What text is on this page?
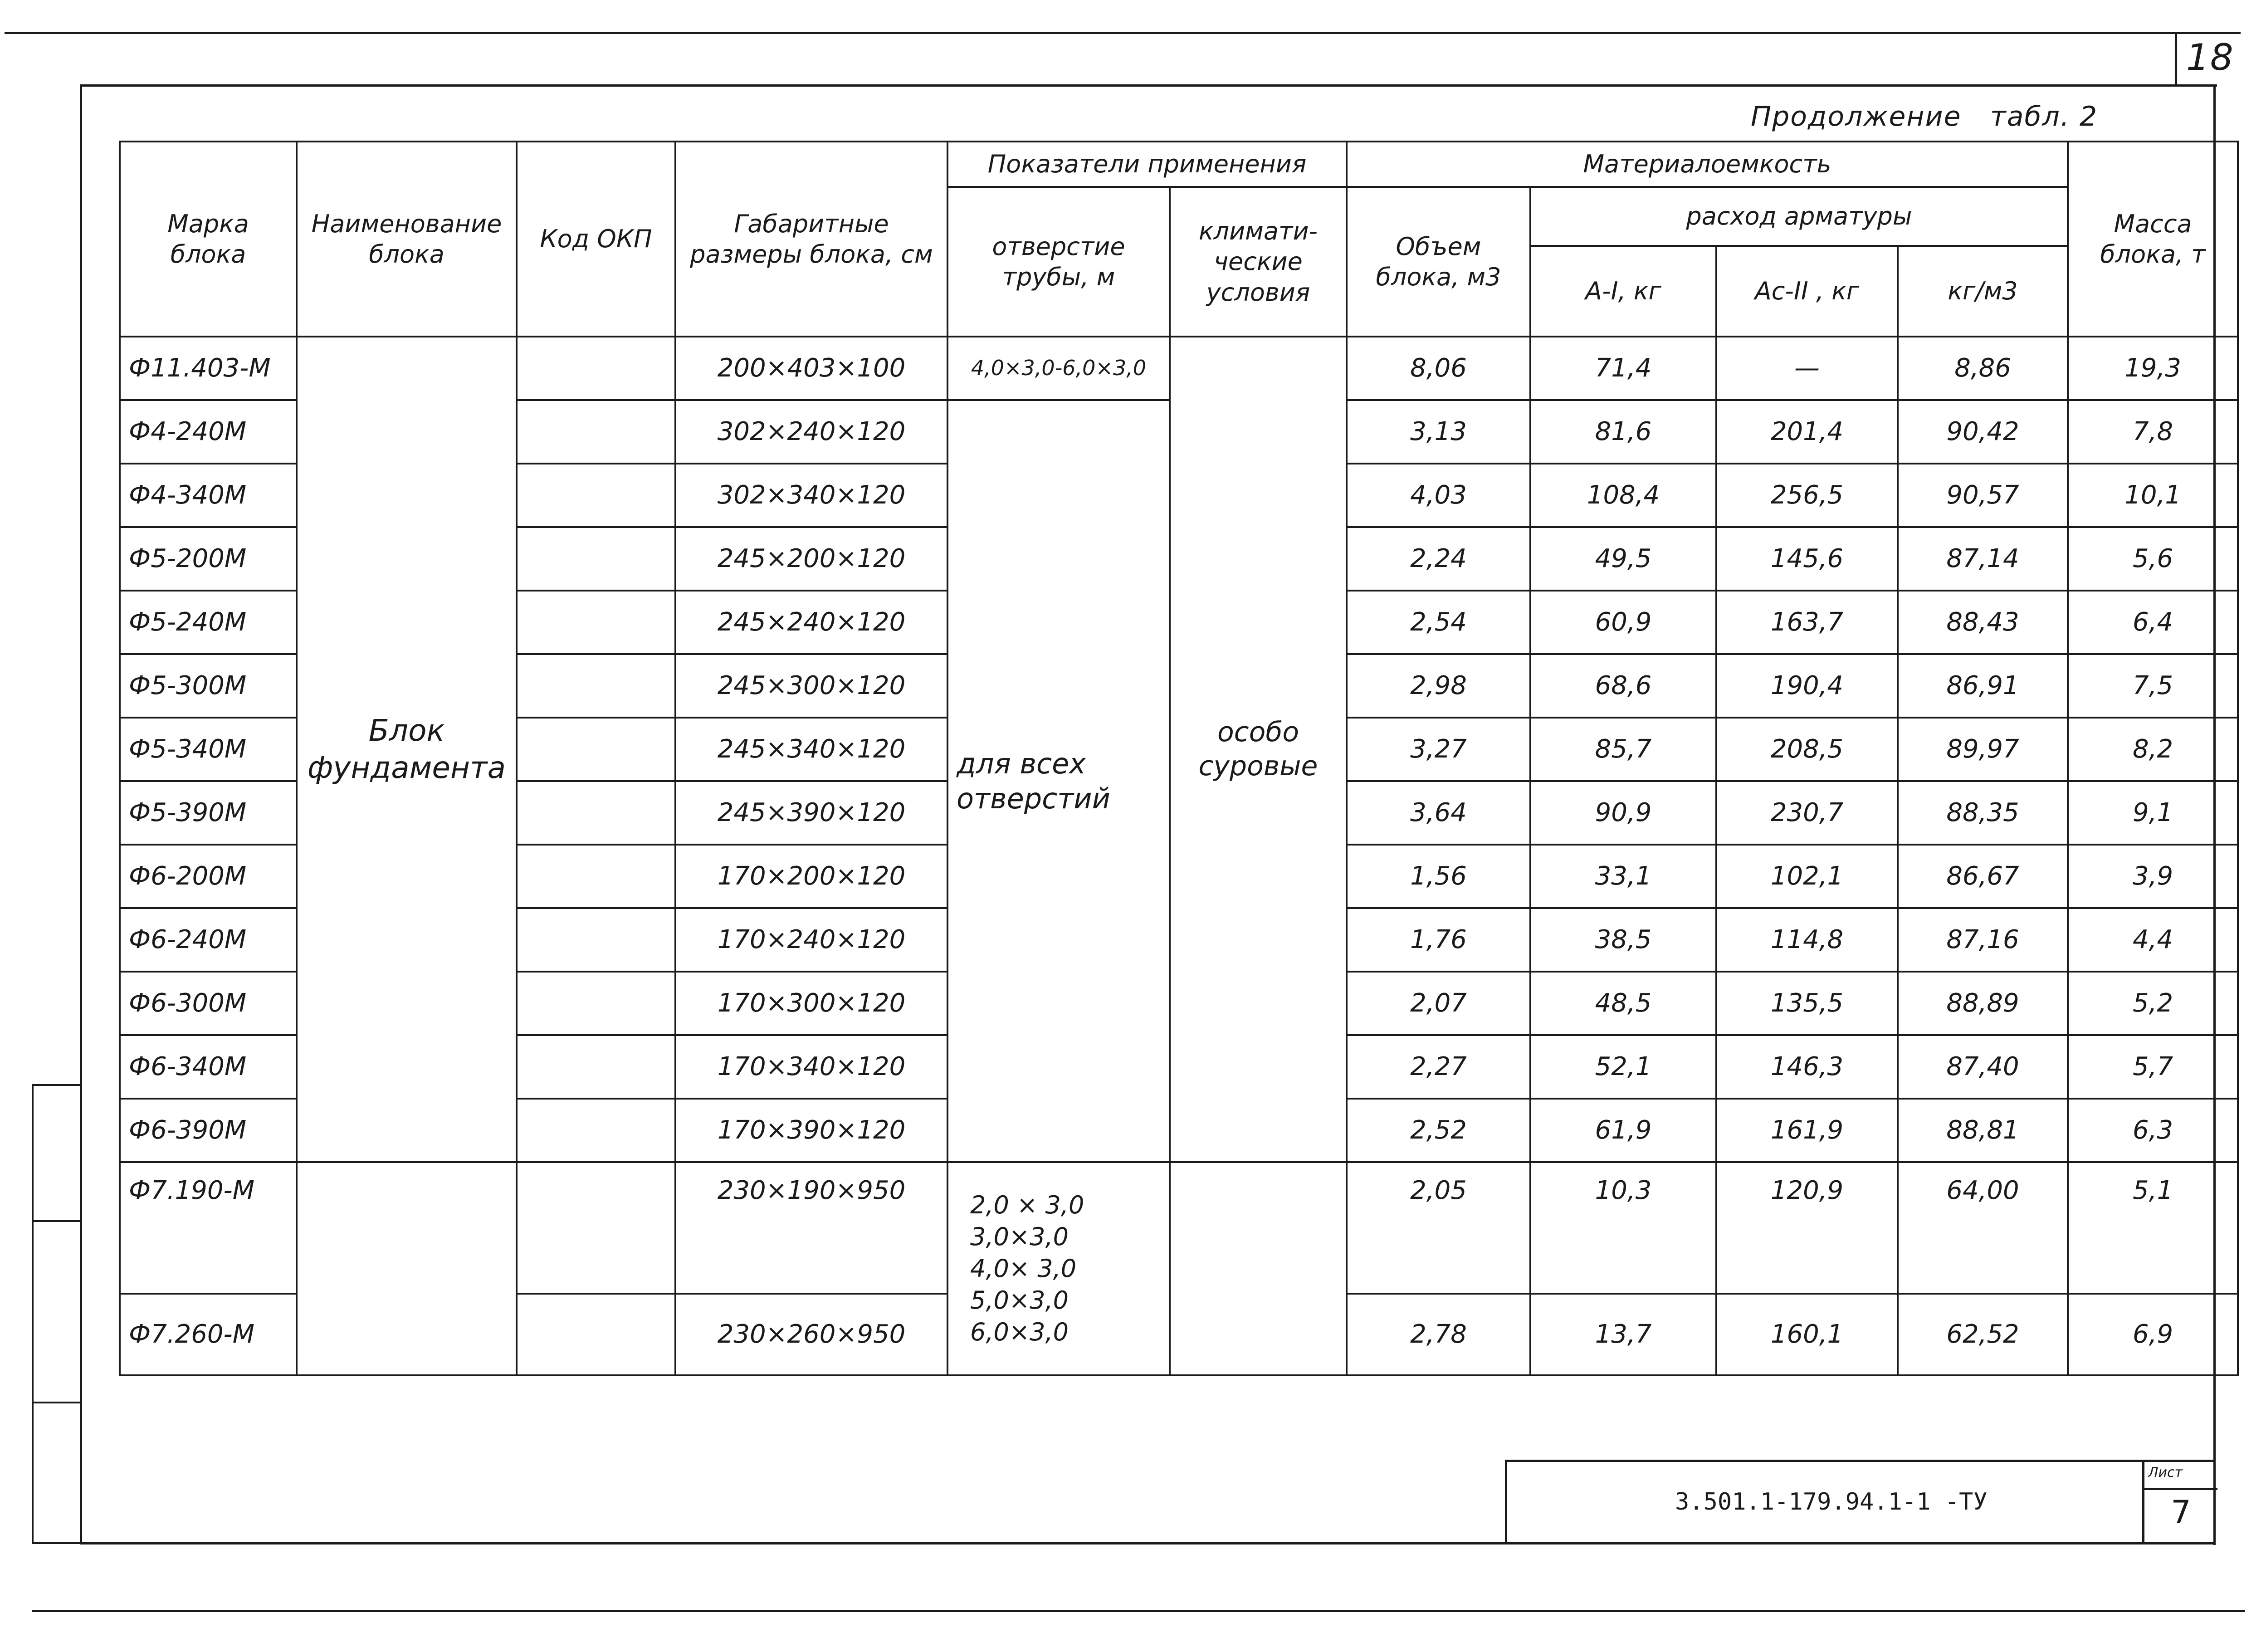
18
Продолжение   табл. 2
Марка блока	Наименование блока	Код ОКП	Габаритные размеры блока, см	Показатели применения		Материалоемкость				Масса блока, т
				отверстие трубы, м	климати-ческие условия	Объем блока, м3	расход арматуры			
							А-I, кг	Ас-II , кг	кг/м3	
Ф11.403-М	Блок фундамента		200×403×100	4,0×3,0-6,0×3,0	особо суровые	8,06	71,4	—	8,86	19,3
Ф4-240М			302×240×120	для всех отверстий		3,13	81,6	201,4	90,42	7,8
Ф4-340М			302×340×120			4,03	108,4	256,5	90,57	10,1
Ф5-200М			245×200×120			2,24	49,5	145,6	87,14	5,6
Ф5-240М			245×240×120			2,54	60,9	163,7	88,43	6,4
Ф5-300М			245×300×120			2,98	68,6	190,4	86,91	7,5
Ф5-340М			245×340×120			3,27	85,7	208,5	89,97	8,2
Ф5-390М			245×390×120			3,64	90,9	230,7	88,35	9,1
Ф6-200М			170×200×120			1,56	33,1	102,1	86,67	3,9
Ф6-240М			170×240×120			1,76	38,5	114,8	87,16	4,4
Ф6-300М			170×300×120			2,07	48,5	135,5	88,89	5,2
Ф6-340М			170×340×120			2,27	52,1	146,3	87,40	5,7
Ф6-390М			170×390×120			2,52	61,9	161,9	88,81	6,3
Ф7.190-М			230×190×950	2,0 × 3,0
3,0×3,0
4,0× 3,0
5,0×3,0
6,0×3,0		2,05	10,3	120,9	64,00	5,1
Ф7.260-М			230×260×950			2,78	13,7	160,1	62,52	6,9
3.501.1-179.94.1-1 -ТУ
Лист
7
